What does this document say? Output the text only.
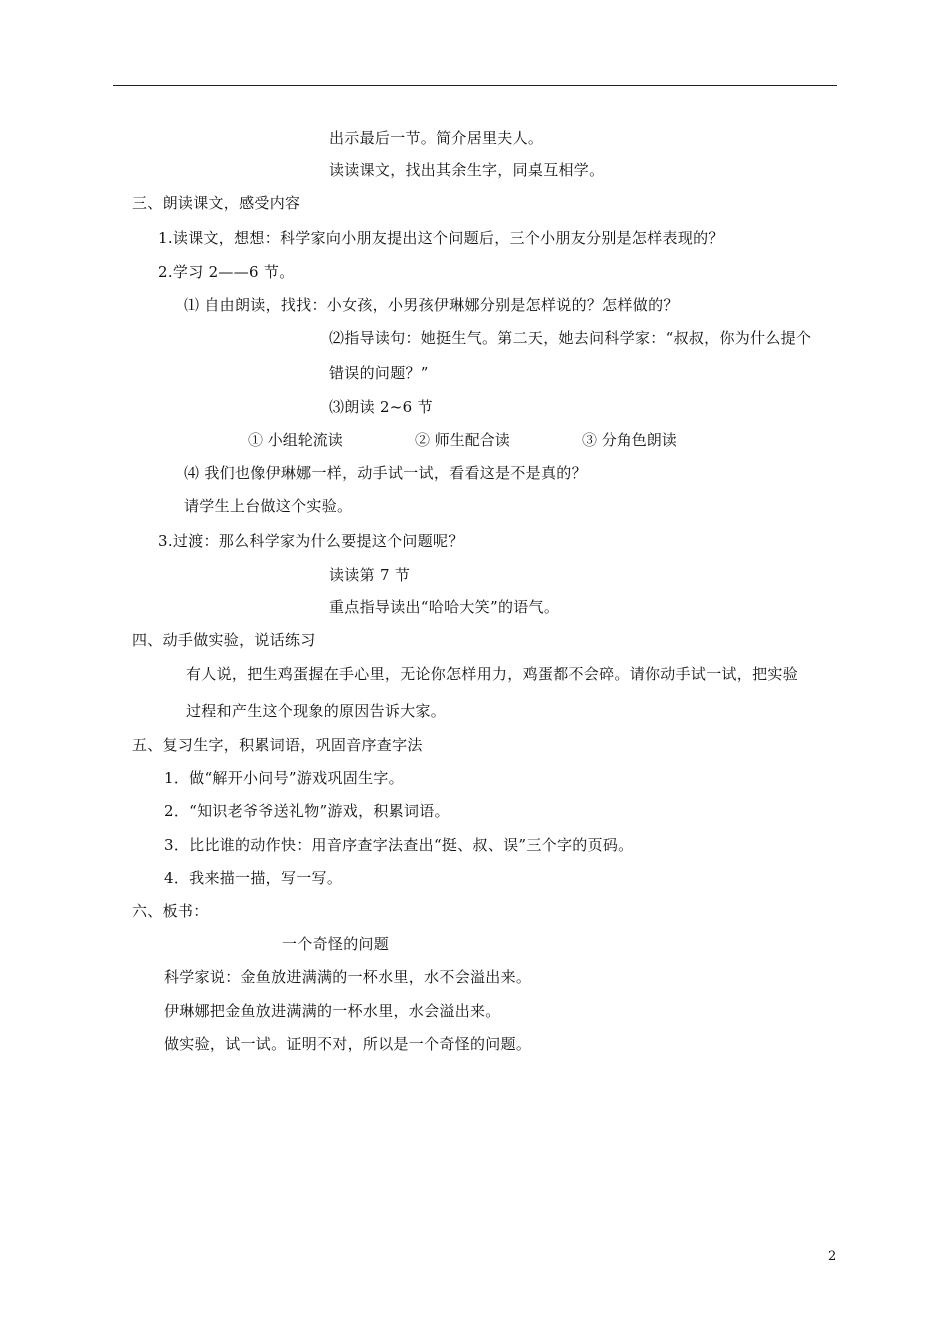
出示最后一节。简介居里夫人。
读读课文，找出其余生字，同桌互相学。
三、朗读课文，感受内容
1.读课文，想想：科学家向小朋友提出这个问题后，三个小朋友分别是怎样表现的？
2.学习 2——6 节。
⑴ 自由朗读，找找：小女孩，小男孩伊琳娜分别是怎样说的？怎样做的？
⑵指导读句：她挺生气。第二天，她去问科学家：“叔叔，你为什么提个
错误的问题？”
⑶朗读 2~6 节
① 小组轮流读	② 师生配合读	③ 分角色朗读
⑷ 我们也像伊琳娜一样，动手试一试，看看这是不是真的？
请学生上台做这个实验。
3.过渡：那么科学家为什么要提这个问题呢？
读读第 7 节
重点指导读出“哈哈大笑”的语气。
四、动手做实验，说话练习
有人说，把生鸡蛋握在手心里，无论你怎样用力，鸡蛋都不会碎。请你动手试一试，把实验
过程和产生这个现象的原因告诉大家。
五、复习生字，积累词语，巩固音序查字法
1．做“解开小问号”游戏巩固生字。
2．“知识老爷爷送礼物”游戏，积累词语。
3．比比谁的动作快：用音序查字法查出“挺、叔、误”三个字的页码。
4．我来描一描，写一写。
六、板书：
一个奇怪的问题
科学家说：金鱼放进满满的一杯水里，水不会溢出来。
伊琳娜把金鱼放进满满的一杯水里，水会溢出来。
做实验，试一试。证明不对，所以是一个奇怪的问题。
2
